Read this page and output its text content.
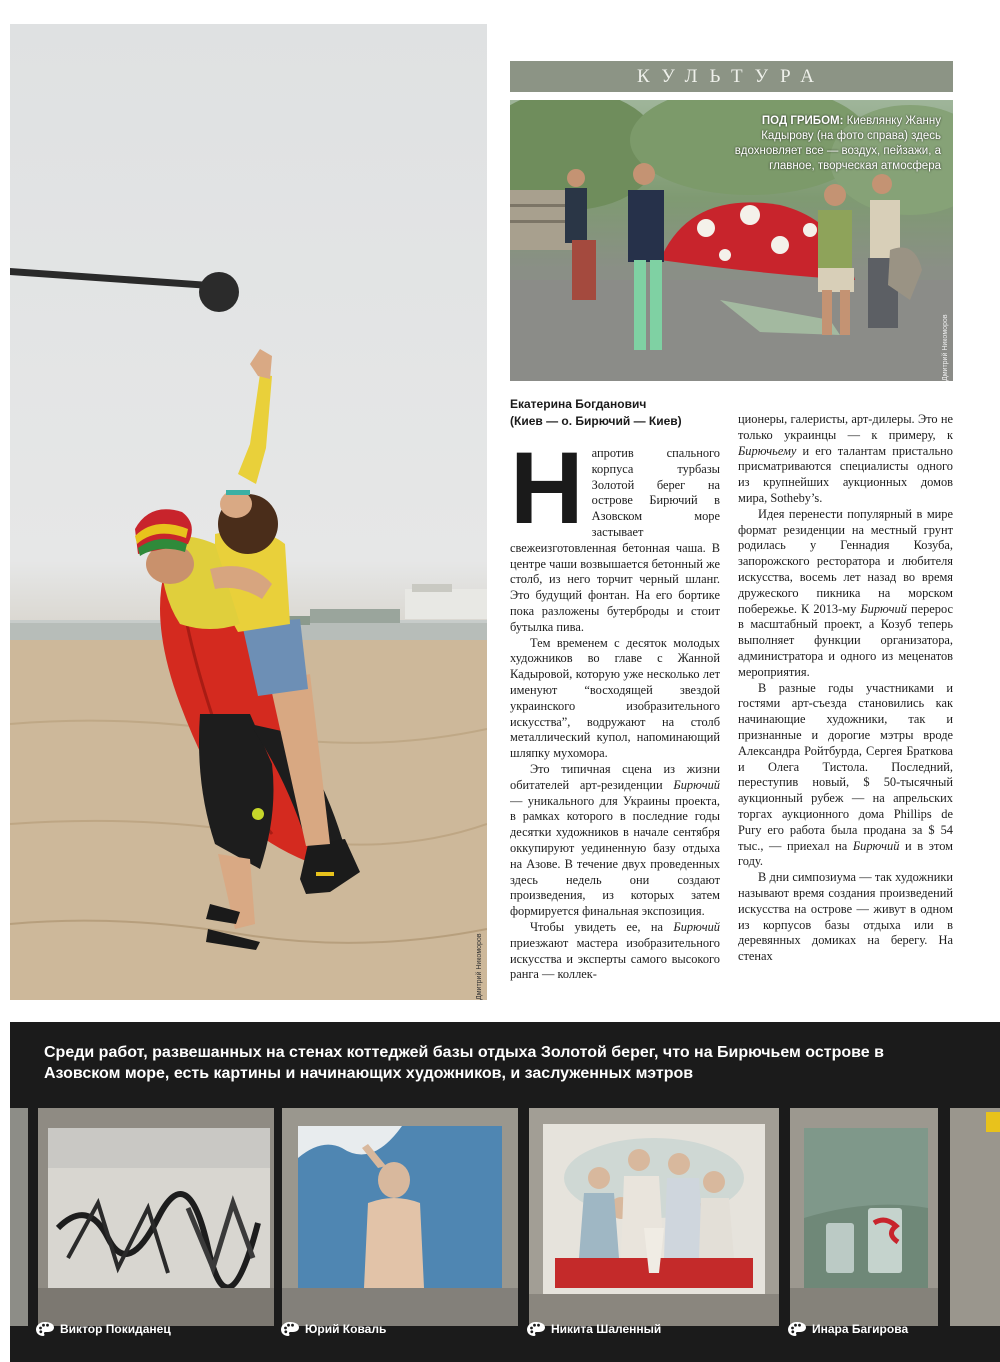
Дмитрий Никоморов
КУЛЬТУРА
ПОД ГРИБОМ: Киевлянку Жанну Кадырову (на фото справа) здесь вдохновляет все — воздух, пейзажи, а главное, творческая атмосфера
Дмитрий Никоморов
Екатерина Богданович
(Киев — о. Бирючий — Киев)

Напротив спального корпуса турбазы Золотой берег на острове Бирючий в Азовском море застывает свежеизготовленная бетонная чаша. В центре чаши возвышается бетонный же столб, из него торчит черный шланг. Это будущий фонтан. На его бортике пока разложены бутерброды и стоит бутылка пива.

Тем временем с десяток молодых художников во главе с Жанной Кадыровой, которую уже несколько лет именуют “восходящей звездой украинского изобразительного искусства”, водружают на столб металлический купол, напоминающий шляпку мухомора.

Это типичная сцена из жизни обитателей арт-резиденции Бирючий — уникального для Украины проекта, в рамках которого в последние годы десятки художников в начале сентября оккупируют уединенную базу отдыха на Азове. В течение двух проведенных здесь недель они создают произведения, из которых затем формируется финальная экспозиция.

Чтобы увидеть ее, на Бирючий приезжают мастера изобразительного искусства и эксперты самого высокого ранга — коллек-

ционеры, галеристы, арт-дилеры. Это не только украинцы — к примеру, к Бирючьему и его талантам пристально присматриваются специалисты одного из крупнейших аукционных домов мира, Sotheby’s.

Идея перенести популярный в мире формат резиденции на местный грунт родилась у Геннадия Козуба, запорожского ресторатора и любителя искусства, восемь лет назад во время дружеского пикника на морском побережье. К 2013-му Бирючий перерос в масштабный проект, а Козуб теперь выполняет функции организатора, администратора и одного из меценатов мероприятия.

В разные годы участниками и гостями арт-съезда становились как начинающие художники, так и признанные и дорогие мэтры вроде Александра Ройтбурда, Сергея Браткова и Олега Тистола. Последний, переступив новый, $ 50-тысячный аукционный рубеж — на апрельских торгах аукционного дома Phillips de Pury его работа была продана за $ 54 тыс., — приехал на Бирючий и в этом году.

В дни симпозиума — так художники называют время создания произведений искусства на острове — живут в одном из корпусов базы отдыха или в деревянных домиках на берегу. На стенах

Среди работ, развешанных на стенах коттеджей базы отдыха Золотой берег, что на Бирючьем острове в Азовском море, есть картины и начинающих художников, и заслуженных мэтров
Виктор Покиданец	Юрий Коваль	Никита Шаленный	Инара Багирова
